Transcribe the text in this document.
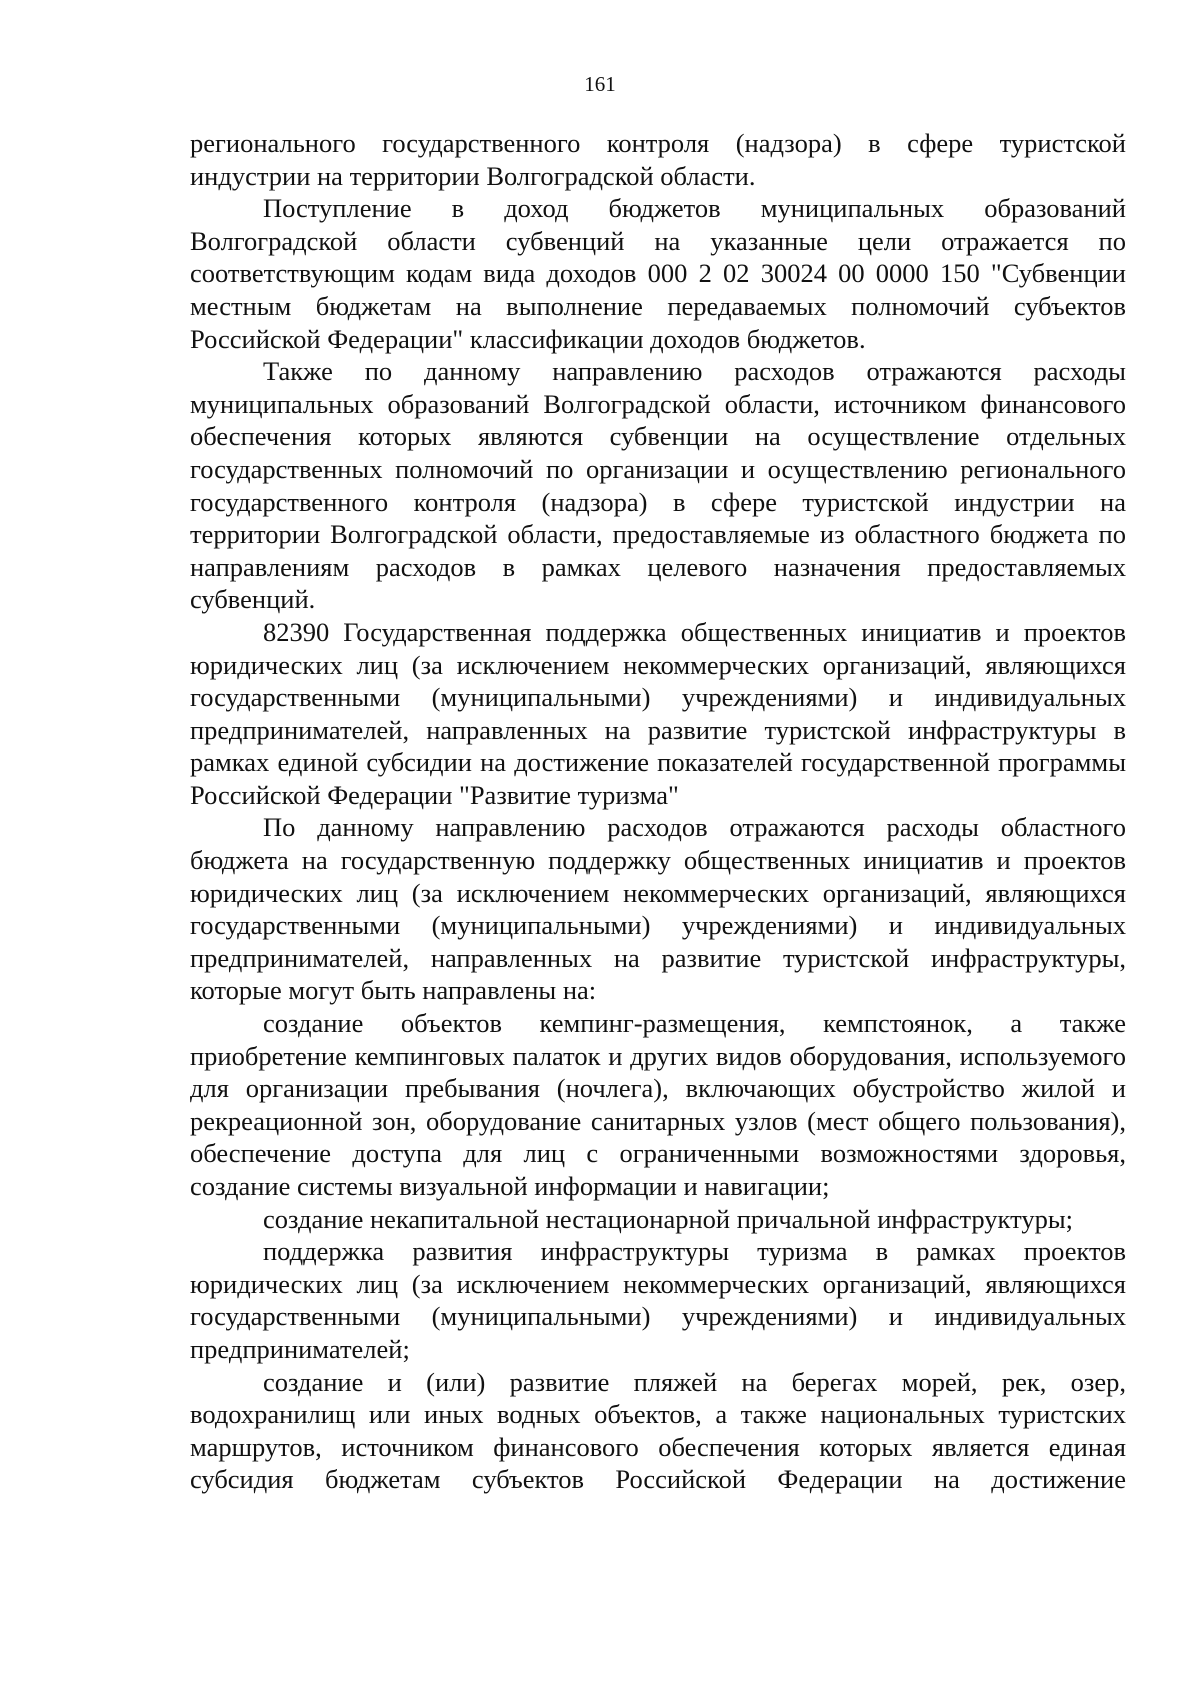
161

регионального государственного контроля (надзора) в сфере туристской индустрии на территории Волгоградской области.

Поступление в доход бюджетов муниципальных образований Волгоградской области субвенций на указанные цели отражается по соответствующим кодам вида доходов 000 2 02 30024 00 0000 150 "Субвенции местным бюджетам на выполнение передаваемых полномочий субъектов Российской Федерации" классификации доходов бюджетов.

Также по данному направлению расходов отражаются расходы муниципальных образований Волгоградской области, источником финансового обеспечения которых являются субвенции на осуществление отдельных государственных полномочий по организации и осуществлению регионального государственного контроля (надзора) в сфере туристской индустрии на территории Волгоградской области, предоставляемые из областного бюджета по направлениям расходов в рамках целевого назначения предоставляемых субвенций.

82390 Государственная поддержка общественных инициатив и проектов юридических лиц (за исключением некоммерческих организаций, являющихся государственными (муниципальными) учреждениями) и индивидуальных предпринимателей, направленных на развитие туристской инфраструктуры в рамках единой субсидии на достижение показателей государственной программы Российской Федерации "Развитие туризма"

По данному направлению расходов отражаются расходы областного бюджета на государственную поддержку общественных инициатив и проектов юридических лиц (за исключением некоммерческих организаций, являющихся государственными (муниципальными) учреждениями) и индивидуальных предпринимателей, направленных на развитие туристской инфраструктуры, которые могут быть направлены на:

создание объектов кемпинг-размещения, кемпстоянок, а также приобретение кемпинговых палаток и других видов оборудования, используемого для организации пребывания (ночлега), включающих обустройство жилой и рекреационной зон, оборудование санитарных узлов (мест общего пользования), обеспечение доступа для лиц с ограниченными возможностями здоровья, создание системы визуальной информации и навигации;

создание некапитальной нестационарной причальной инфраструктуры;

поддержка развития инфраструктуры туризма в рамках проектов юридических лиц (за исключением некоммерческих организаций, являющихся государственными (муниципальными) учреждениями) и индивидуальных предпринимателей;

создание и (или) развитие пляжей на берегах морей, рек, озер, водохранилищ или иных водных объектов, а также национальных туристских маршрутов, источником финансового обеспечения которых является единая субсидия бюджетам субъектов Российской Федерации на достижение
